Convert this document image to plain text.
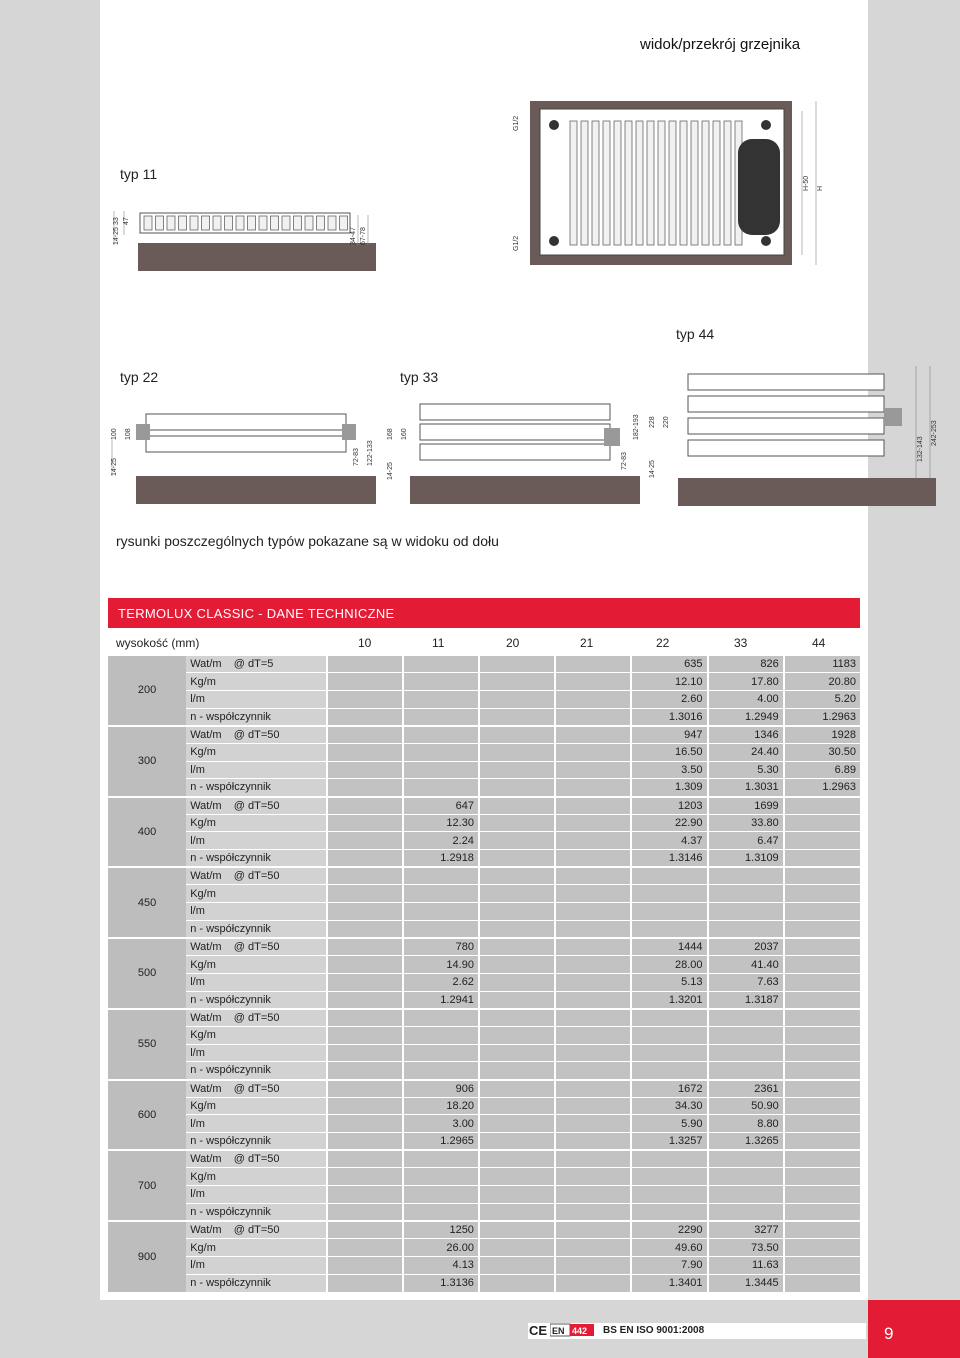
widok/przekrój grzejnika
typ 11
typ 22	typ 33
typ 44
14-25
33 47
34-47 67-78
G1/2
G1/2
H-50 H
14-25
100 108
72-83 122-133
14-25
160
168
72-83
182-193
14-25
220
228
132-143
242-253
rysunki poszczególnych typów pokazane są w widoku od dołu
TERMOLUX CLASSIC - DANE TECHNICZNE
wysokość (mm)	10	11	20	21	22	33	44
200	Wat/m    @ dT=5					635	826	1183
	Kg/m					12.10	17.80	20.80
	l/m					2.60	4.00	5.20
	n - współczynnik					1.3016	1.2949	1.2963
300	Wat/m    @ dT=50					947	1346	1928
	Kg/m					16.50	24.40	30.50
	l/m					3.50	5.30	6.89
	n - współczynnik					1.309	1.3031	1.2963
400	Wat/m    @ dT=50		647			1203	1699	
	Kg/m		12.30			22.90	33.80	
	l/m		2.24			4.37	6.47	
	n - współczynnik		1.2918			1.3146	1.3109	
450	Wat/m    @ dT=50							
	Kg/m							
	l/m							
	n - współczynnik							
500	Wat/m    @ dT=50		780			1444	2037	
	Kg/m		14.90			28.00	41.40	
	l/m		2.62			5.13	7.63	
	n - współczynnik		1.2941			1.3201	1.3187	
550	Wat/m    @ dT=50							
	Kg/m							
	l/m							
	n - współczynnik							
600	Wat/m    @ dT=50		906			1672	2361	
	Kg/m		18.20			34.30	50.90	
	l/m		3.00			5.90	8.80	
	n - współczynnik		1.2965			1.3257	1.3265	
700	Wat/m    @ dT=50							
	Kg/m							
	l/m							
	n - współczynnik							
900	Wat/m    @ dT=50		1250			2290	3277	
	Kg/m		26.00			49.60	73.50	
	l/m		4.13			7.90	11.63	
	n - współczynnik		1.3136			1.3401	1.3445	
CE EN 442 BS EN ISO 9001:2008	9
